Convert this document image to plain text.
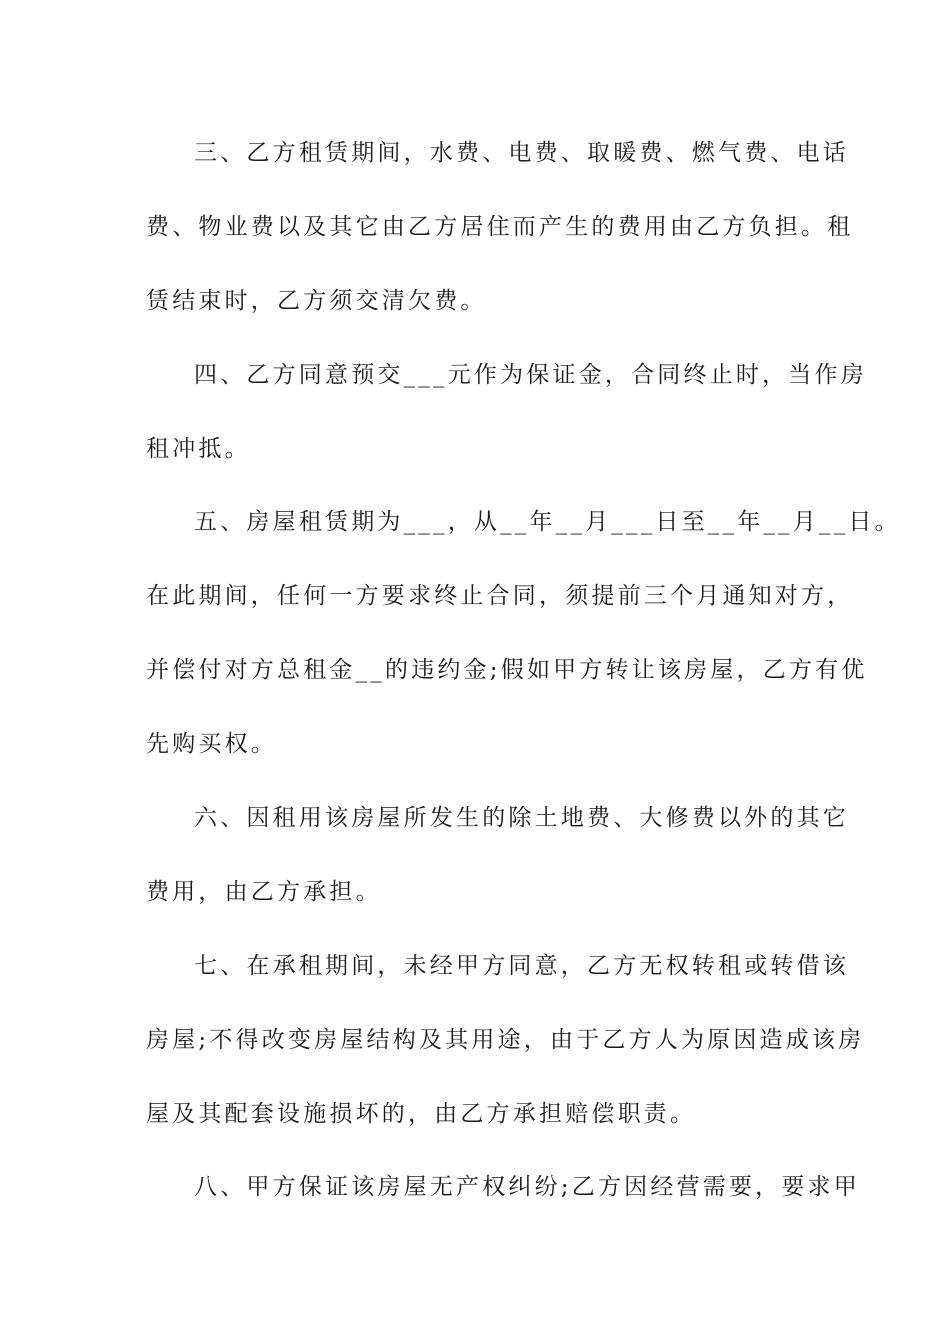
三、乙方租赁期间，水费、电费、取暖费、燃气费、电话
费、物业费以及其它由乙方居住而产生的费用由乙方负担。租
赁结束时，乙方须交清欠费。
四、乙方同意预交___元作为保证金，合同终止时，当作房
租冲抵。
五、房屋租赁期为___，从__年__月___日至__年__月__日。
在此期间，任何一方要求终止合同，须提前三个月通知对方，
并偿付对方总租金__的违约金;假如甲方转让该房屋，乙方有优
先购买权。
六、因租用该房屋所发生的除土地费、大修费以外的其它
费用，由乙方承担。
七、在承租期间，未经甲方同意，乙方无权转租或转借该
房屋;不得改变房屋结构及其用途，由于乙方人为原因造成该房
屋及其配套设施损坏的，由乙方承担赔偿职责。
八、甲方保证该房屋无产权纠纷;乙方因经营需要，要求甲
